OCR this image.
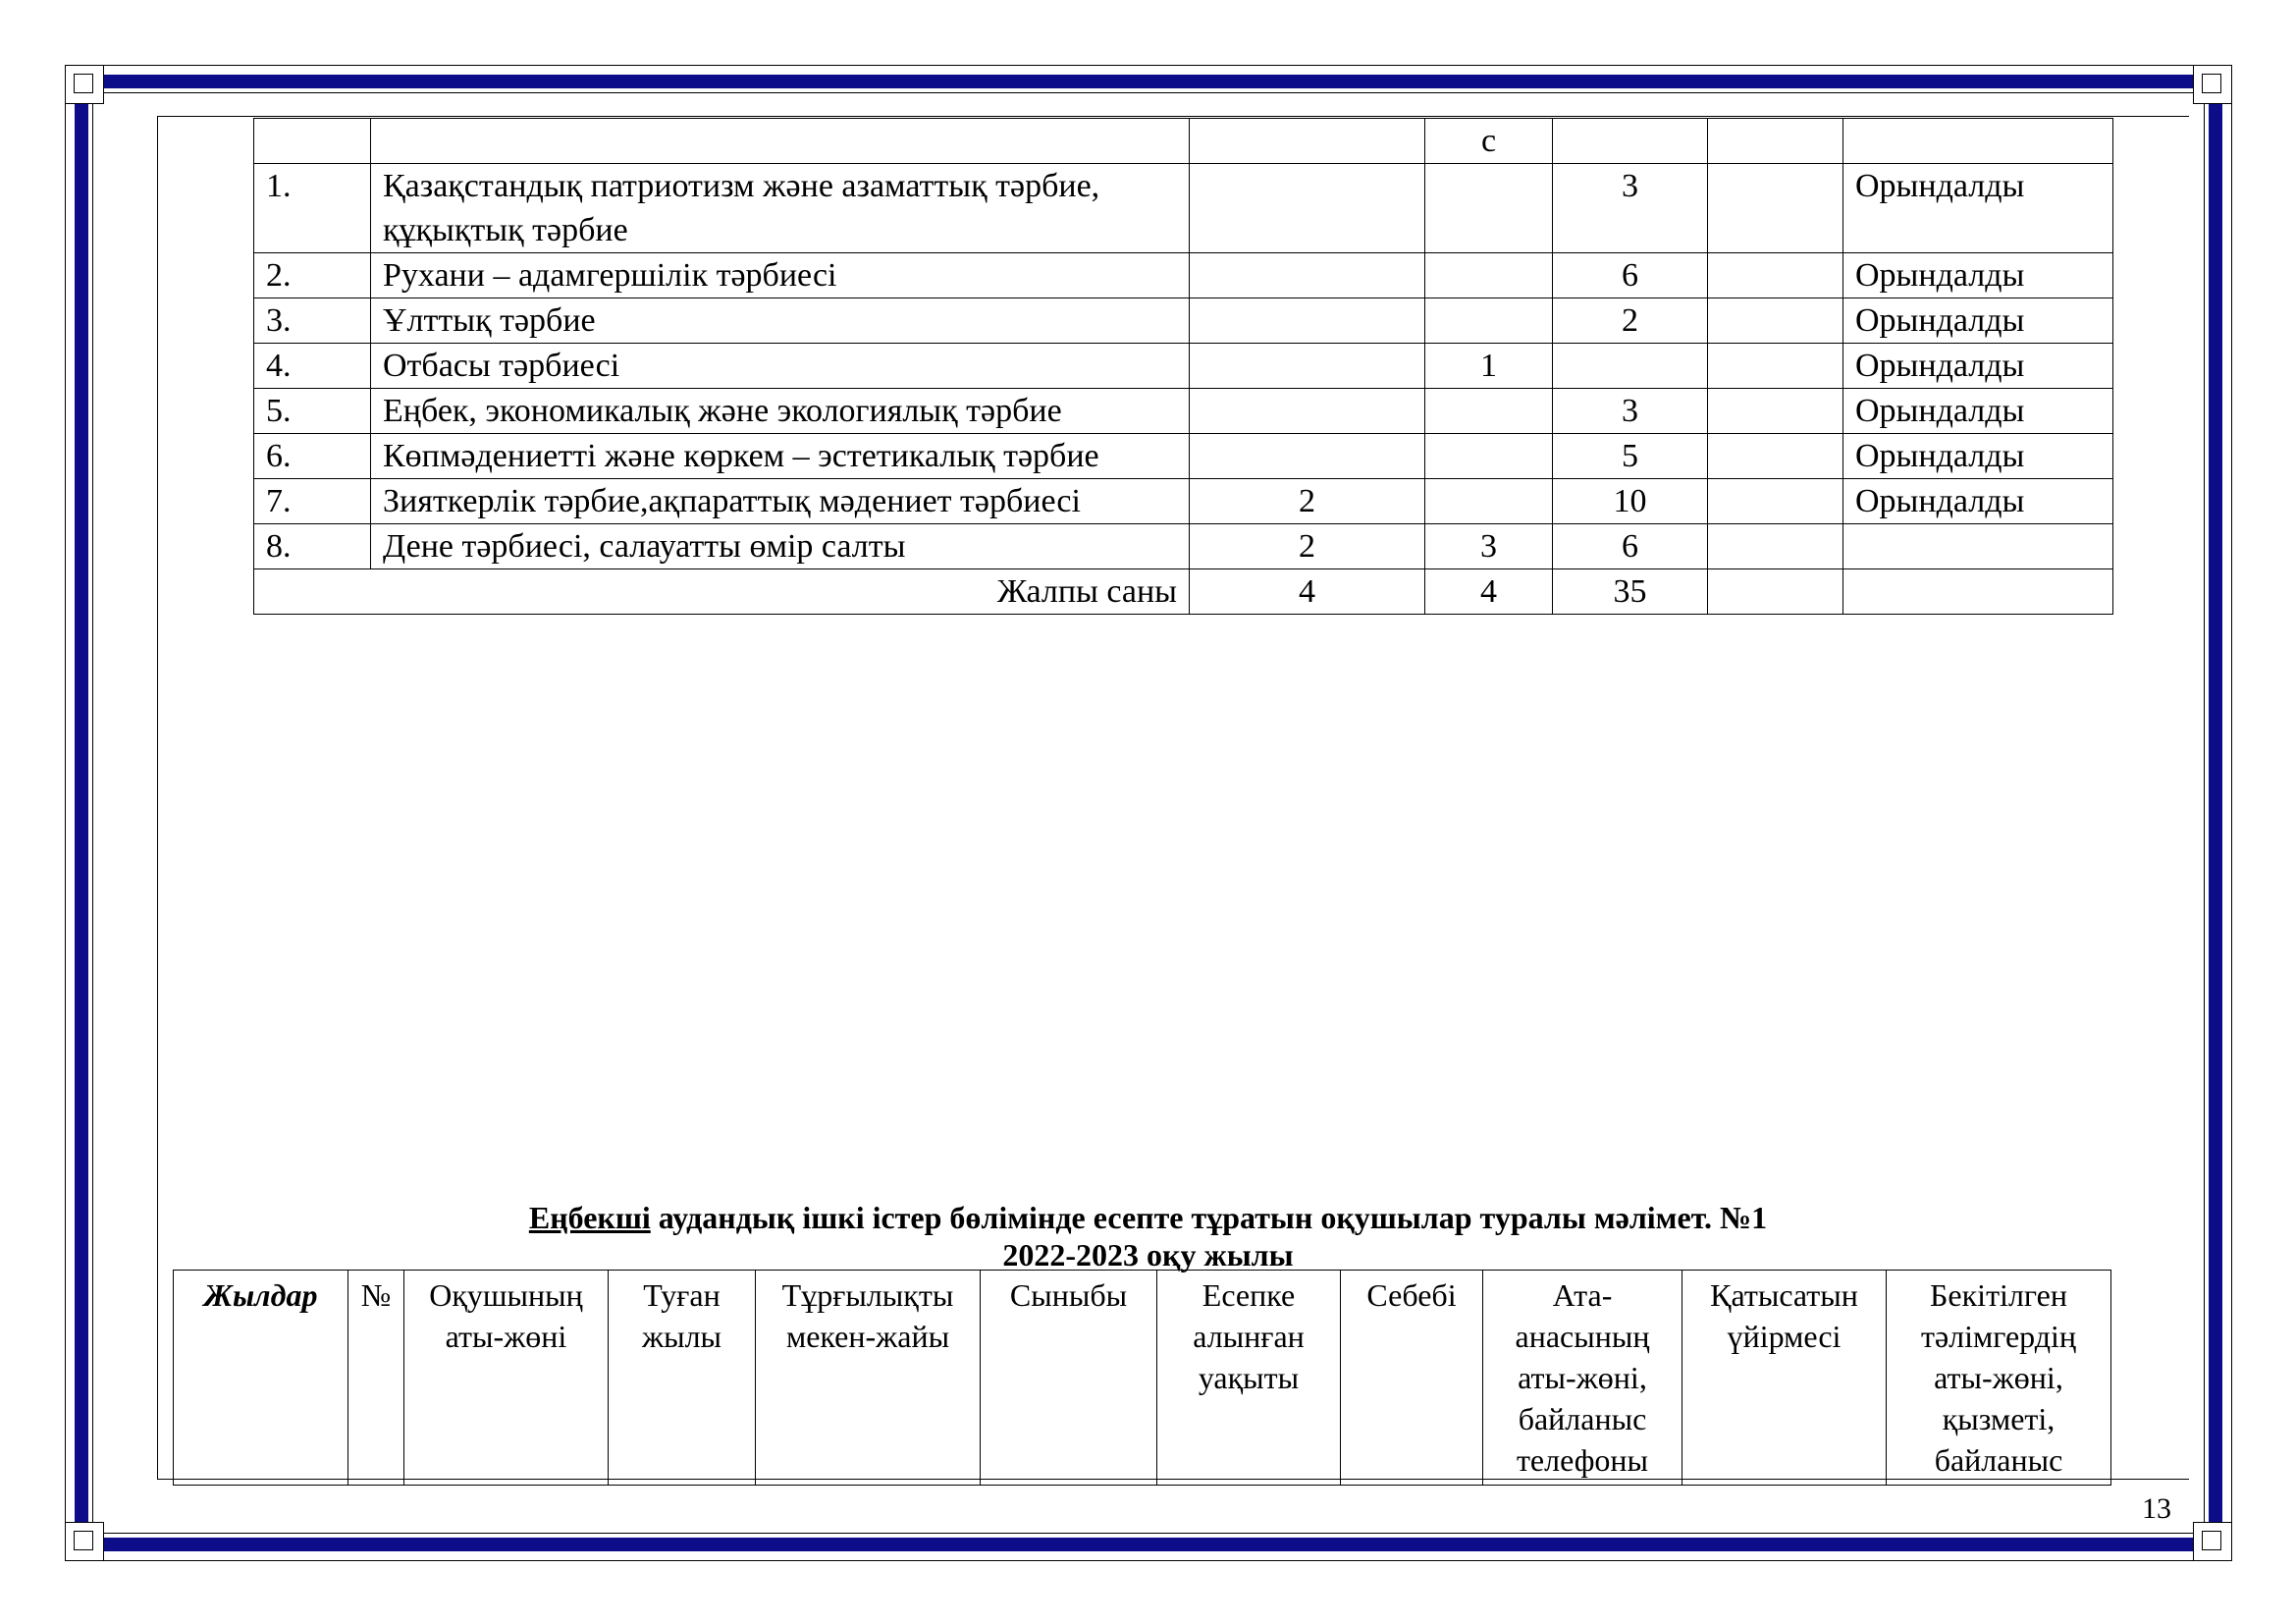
			с			
1.	Қазақстандық патриотизм және азаматтық тәрбие, құқықтық тәрбие			3		Орындалды
2.	Рухани – адамгершілік тәрбиесі			6		Орындалды
3.	Ұлттық тәрбие			2		Орындалды
4.	Отбасы тәрбиесі		1			Орындалды
5.	Еңбек, экономикалық және экологиялық тәрбие			3		Орындалды
6.	Көпмәдениетті және көркем – эстетикалық тәрбие			5		Орындалды
7.	Зияткерлік тәрбие,ақпараттық мәдениет тәрбиесі	2		10		Орындалды
8.	Дене тәрбиесі, салауатты өмір салты	2	3	6		
Жалпы саны		4	4	35		
Еңбекші аудандық ішкі істер бөлімінде есепте тұратын оқушылар туралы мәлімет. №1
2022-2023 оқу жылы
Жылдар	№	Оқушының аты-жөні	Туған жылы	Тұрғылықты мекен-жайы	Сыныбы	Есепке алынған уақыты	Себебі	Ата-анасының аты-жөні, байланыс телефоны	Қатысатын үйірмесі	Бекітілген тәлімгердің аты-жөні, қызметі, байланыс
13
